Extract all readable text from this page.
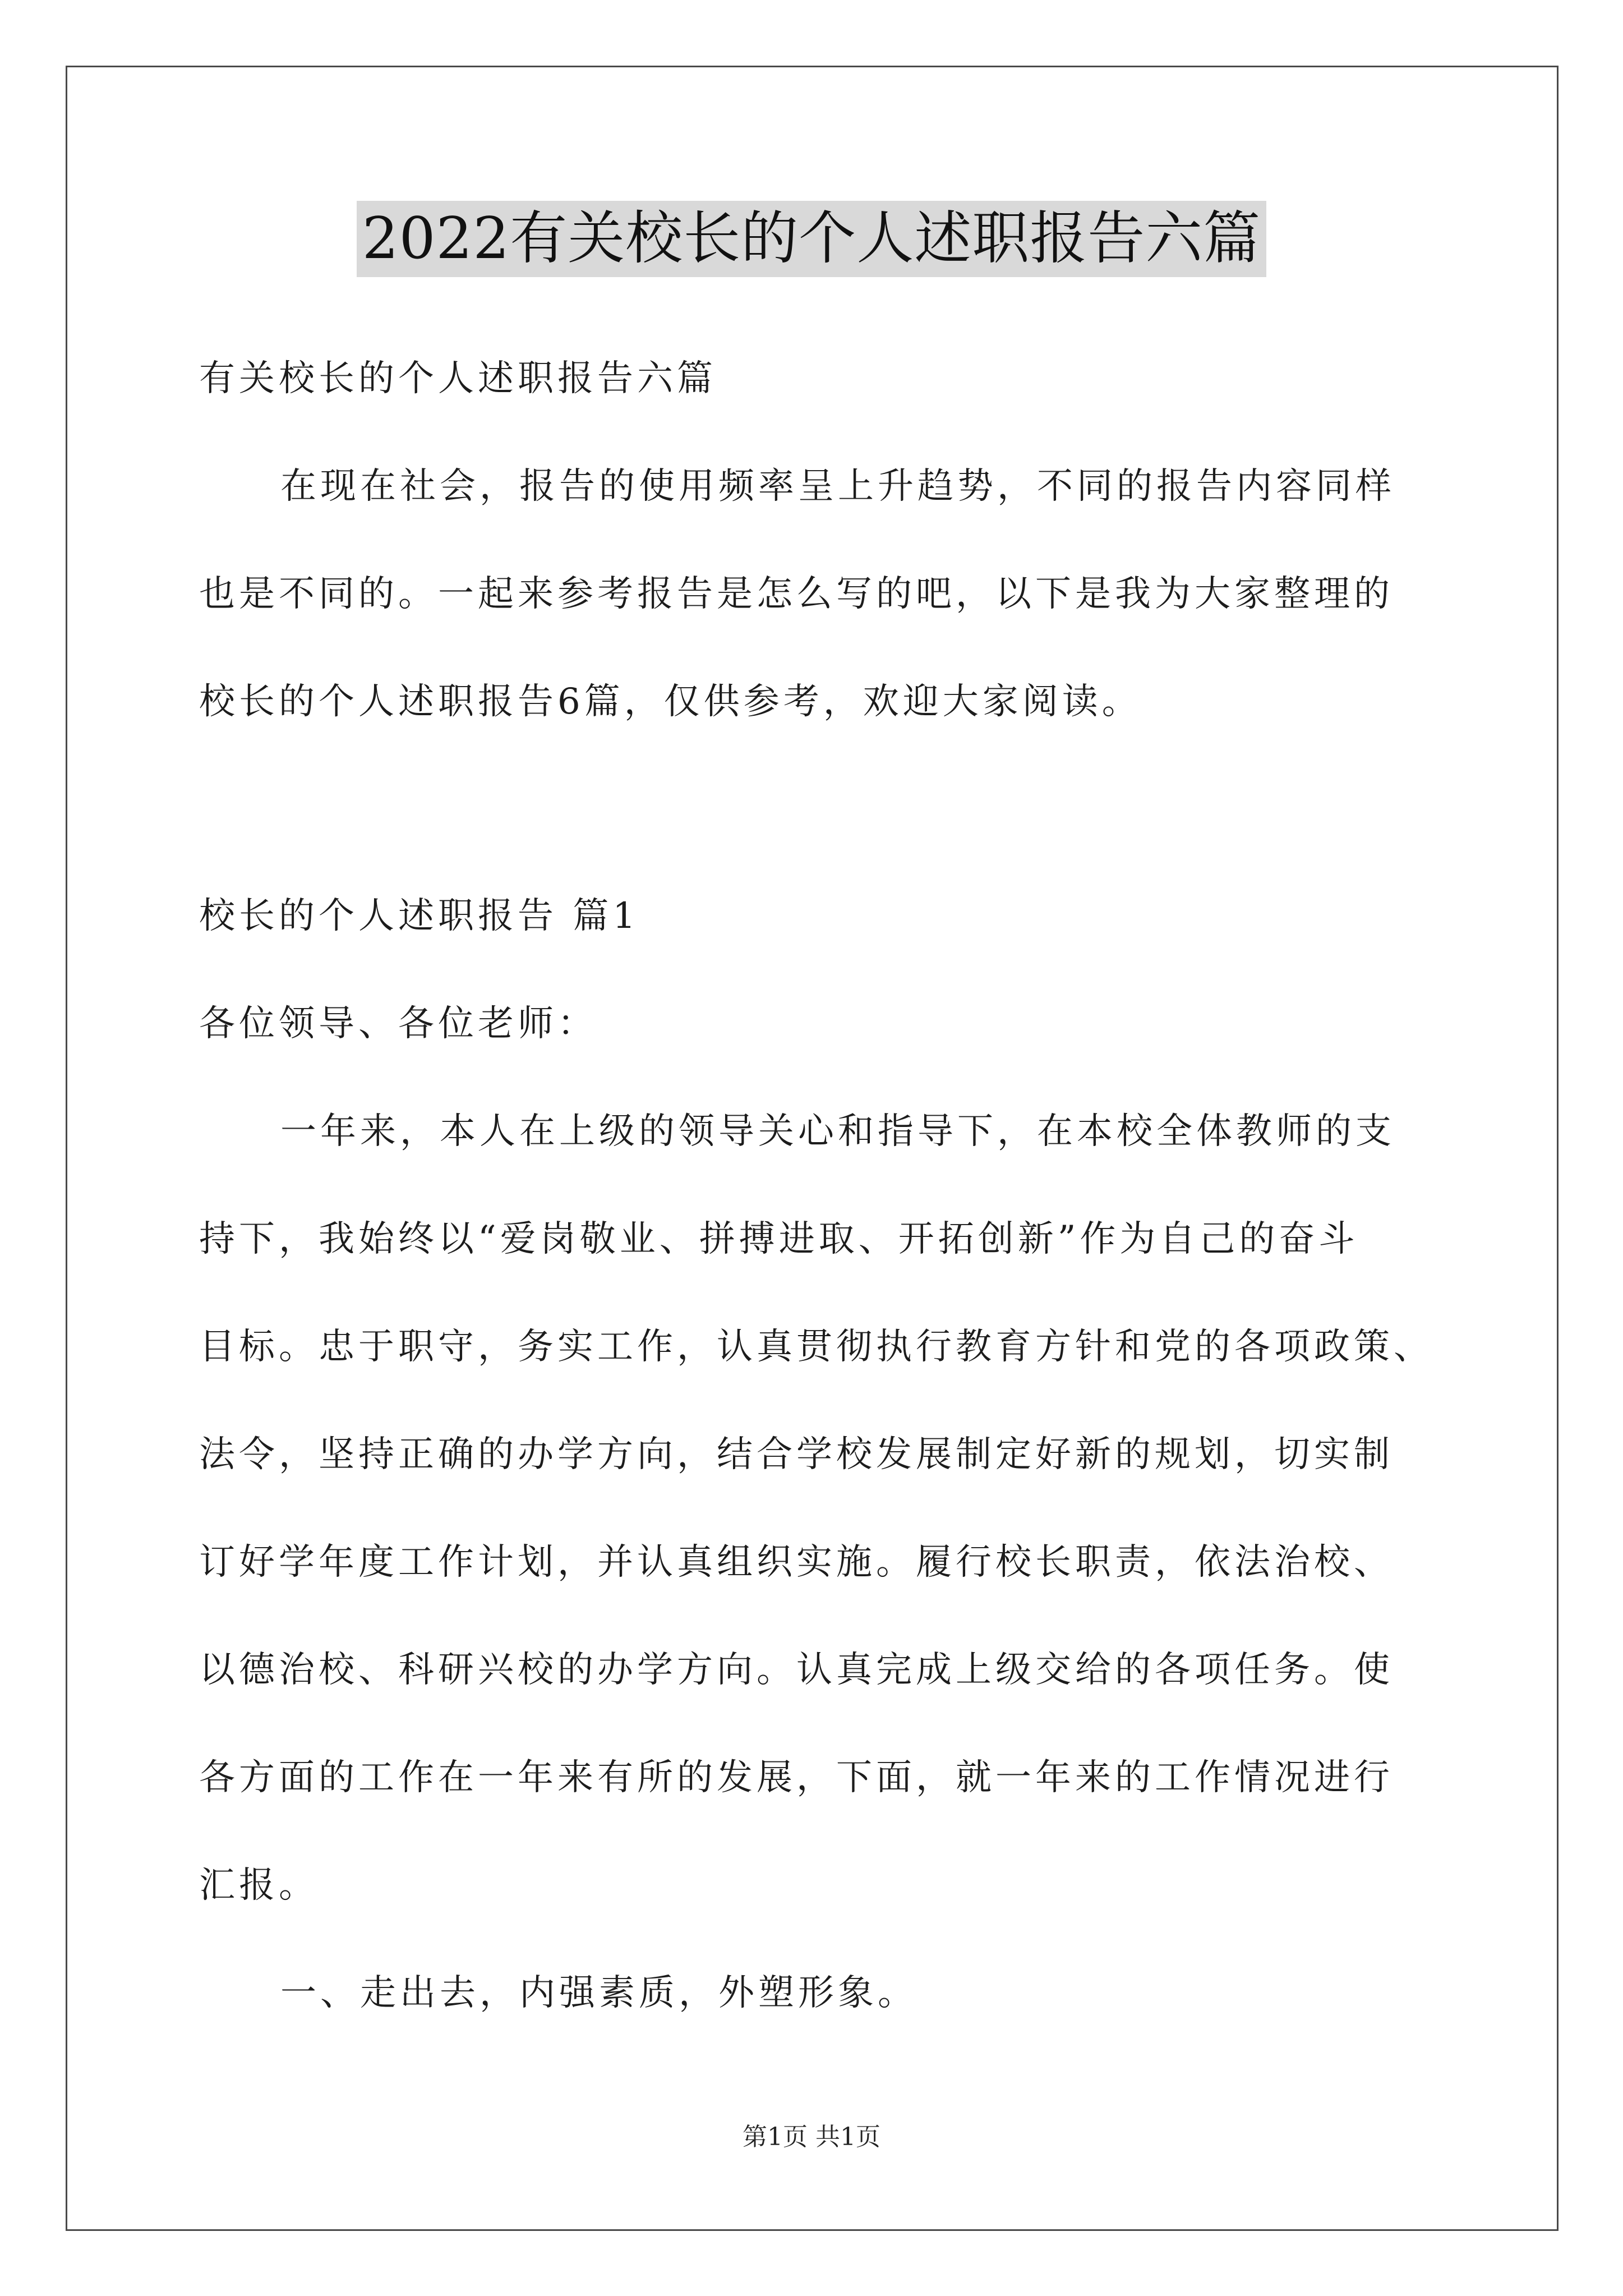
2022有关校长的个人述职报告六篇
有关校长的个人述职报告六篇
在现在社会，报告的使用频率呈上升趋势，不同的报告内容同样
也是不同的。一起来参考报告是怎么写的吧，以下是我为大家整理的
校长的个人述职报告6篇，仅供参考，欢迎大家阅读。
校长的个人述职报告 篇1
各位领导、各位老师：
一年来，本人在上级的领导关心和指导下，在本校全体教师的支
持下，我始终以“爱岗敬业、拼搏进取、开拓创新”作为自己的奋斗
目标。忠于职守，务实工作，认真贯彻执行教育方针和党的各项政策、
法令，坚持正确的办学方向，结合学校发展制定好新的规划，切实制
订好学年度工作计划，并认真组织实施。履行校长职责，依法治校、
以德治校、科研兴校的办学方向。认真完成上级交给的各项任务。使
各方面的工作在一年来有所的发展，下面，就一年来的工作情况进行
汇报。
一、走出去，内强素质，外塑形象。
第1页 共1页
